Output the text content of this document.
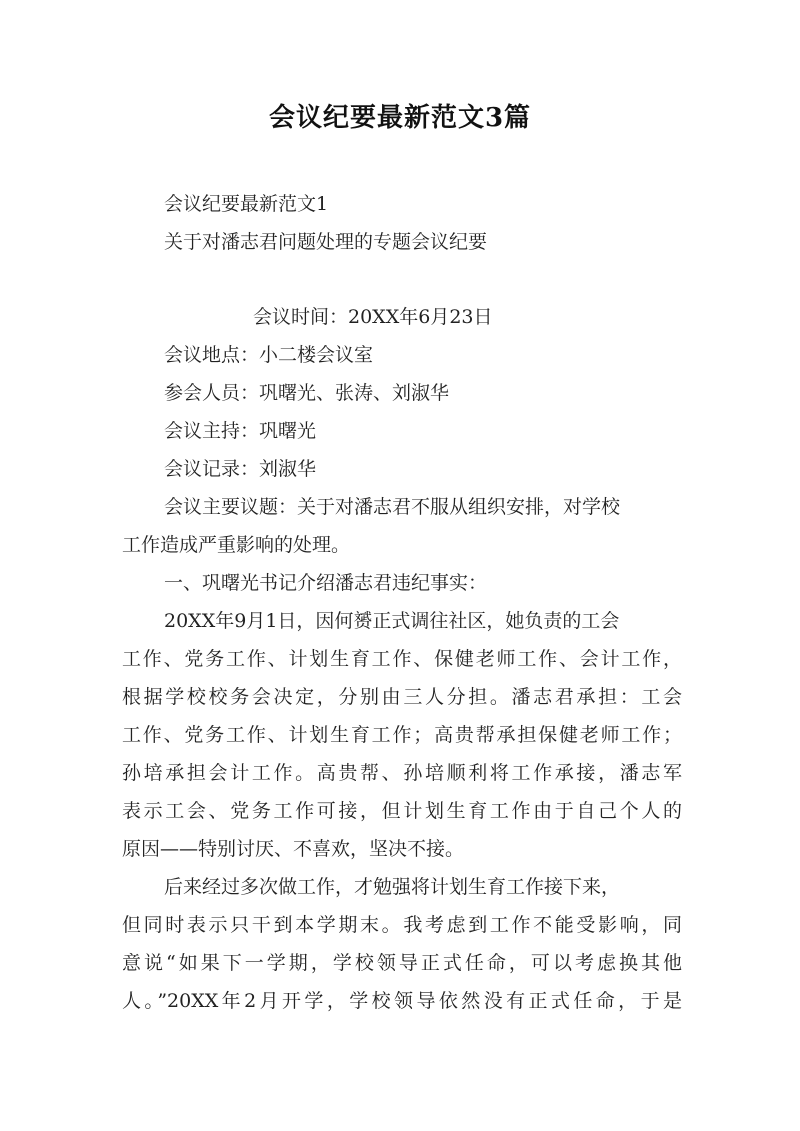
会议纪要最新范文3篇
会议纪要最新范文1
关于对潘志君问题处理的专题会议纪要
会议时间：20XX年6月23日
会议地点：小二楼会议室
参会人员：巩曙光、张涛、刘淑华
会议主持：巩曙光
会议记录：刘淑华
会议主要议题：关于对潘志君不服从组织安排，对学校
工作造成严重影响的处理。
一、巩曙光书记介绍潘志君违纪事实：
20XX年9月1日，因何赟正式调往社区，她负责的工会
工作、党务工作、计划生育工作、保健老师工作、会计工作，
根据学校校务会决定，分别由三人分担。潘志君承担：工会
工作、党务工作、计划生育工作；高贵帮承担保健老师工作；
孙培承担会计工作。高贵帮、孙培顺利将工作承接，潘志军
表示工会、党务工作可接，但计划生育工作由于自己个人的
原因——特别讨厌、不喜欢，坚决不接。
后来经过多次做工作，才勉强将计划生育工作接下来，
但同时表示只干到本学期末。我考虑到工作不能受影响，同
意说“如果下一学期，学校领导正式任命，可以考虑换其他
人。”20XX年2月开学，学校领导依然没有正式任命，于是
